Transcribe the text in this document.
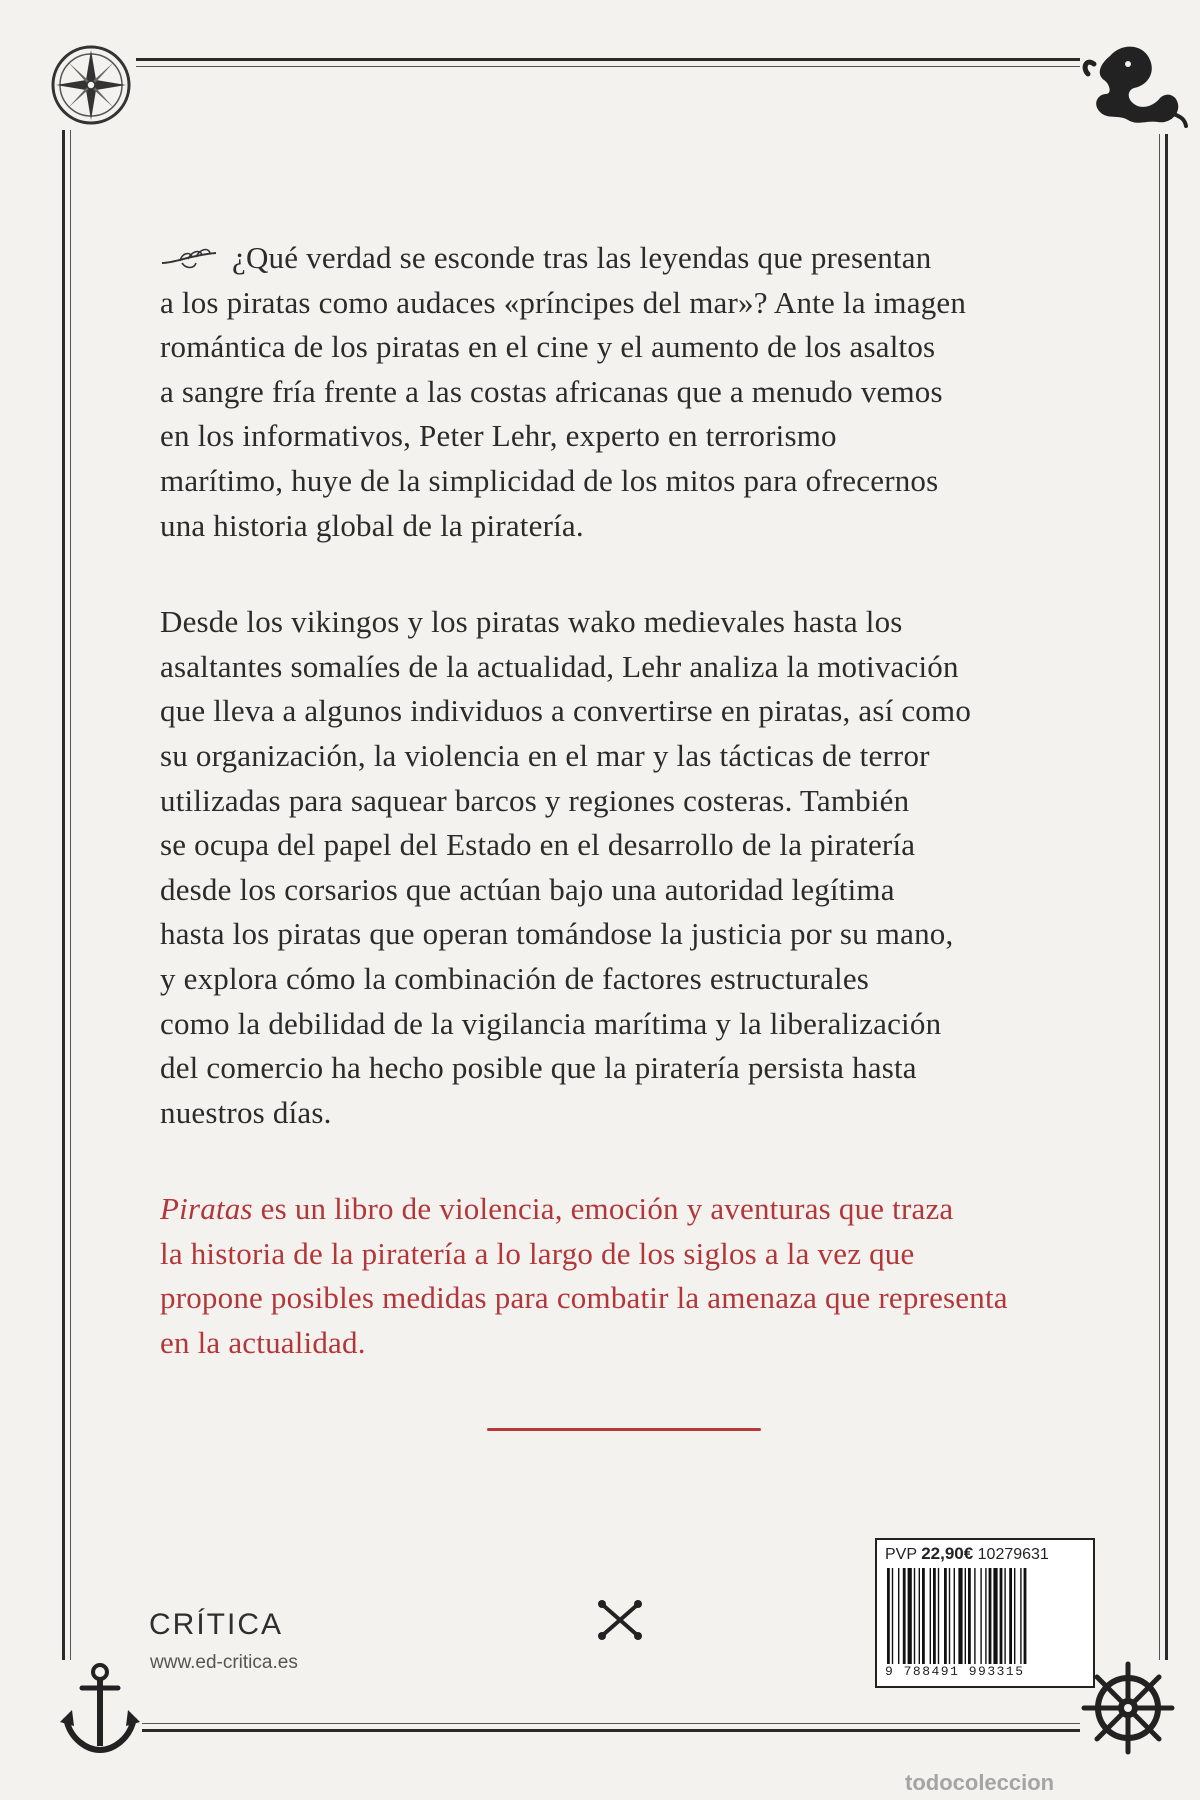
¿Qué verdad se esconde tras las leyendas que presentan
a los piratas como audaces «príncipes del mar»? Ante la imagen
romántica de los piratas en el cine y el aumento de los asaltos
a sangre fría frente a las costas africanas que a menudo vemos
en los informativos, Peter Lehr, experto en terrorismo
marítimo, huye de la simplicidad de los mitos para ofrecernos
una historia global de la piratería.

Desde los vikingos y los piratas wako medievales hasta los
asaltantes somalíes de la actualidad, Lehr analiza la motivación
que lleva a algunos individuos a convertirse en piratas, así como
su organización, la violencia en el mar y las tácticas de terror
utilizadas para saquear barcos y regiones costeras. También
se ocupa del papel del Estado en el desarrollo de la piratería
desde los corsarios que actúan bajo una autoridad legítima
hasta los piratas que operan tomándose la justicia por su mano,
y explora cómo la combinación de factores estructurales
como la debilidad de la vigilancia marítima y la liberalización
del comercio ha hecho posible que la piratería persista hasta
nuestros días.

Piratas es un libro de violencia, emoción y aventuras que traza
la historia de la piratería a lo largo de los siglos a la vez que
propone posibles medidas para combatir la amenaza que representa
en la actualidad.

CRÍTICA
www.ed-critica.es
PVP 22,90€ 10279631
9 788491 993315
todocoleccion
